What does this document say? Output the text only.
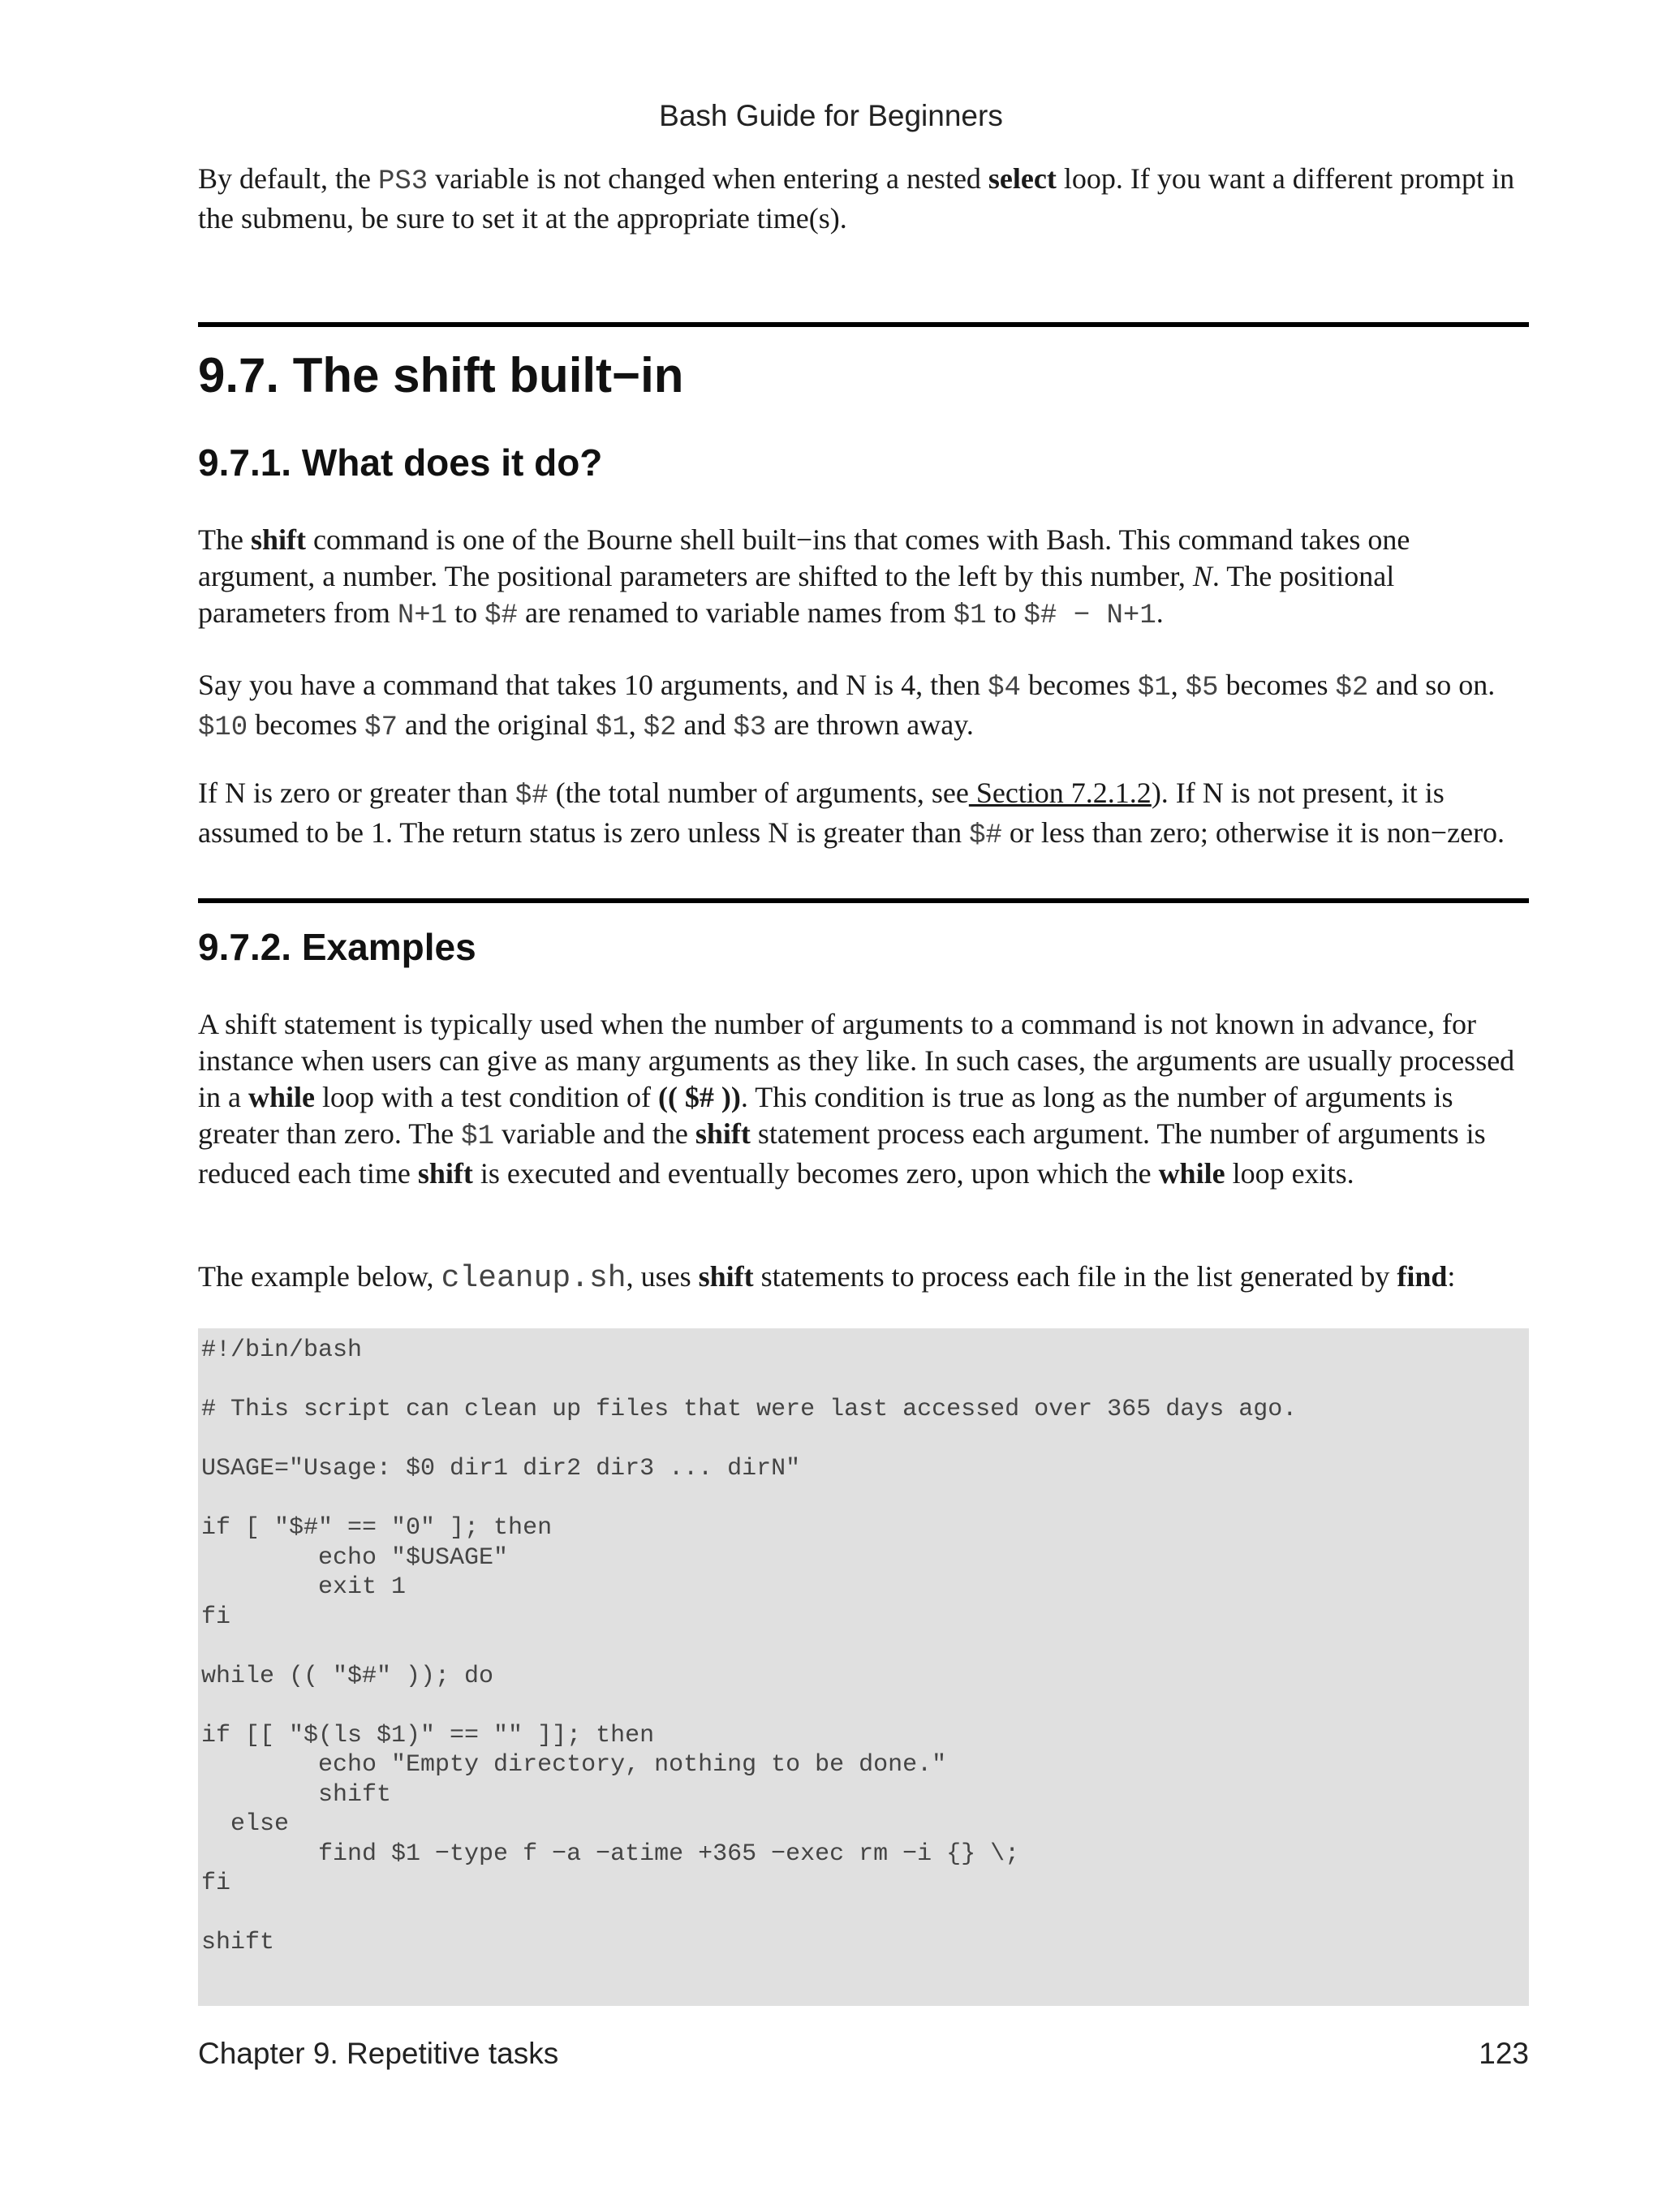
Bash Guide for Beginners

By default, the PS3 variable is not changed when entering a nested select loop. If you want a different prompt in the submenu, be sure to set it at the appropriate time(s).

9.7. The shift built−in
9.7.1. What does it do?

The shift command is one of the Bourne shell built−ins that comes with Bash. This command takes one argument, a number. The positional parameters are shifted to the left by this number, N. The positional parameters from N+1 to $# are renamed to variable names from $1 to $# − N+1.

Say you have a command that takes 10 arguments, and N is 4, then $4 becomes $1, $5 becomes $2 and so on. $10 becomes $7 and the original $1, $2 and $3 are thrown away.

If N is zero or greater than $# (the total number of arguments, see Section 7.2.1.2). If N is not present, it is assumed to be 1. The return status is zero unless N is greater than $# or less than zero; otherwise it is non−zero.

9.7.2. Examples

A shift statement is typically used when the number of arguments to a command is not known in advance, for instance when users can give as many arguments as they like. In such cases, the arguments are usually processed in a while loop with a test condition of (( $# )). This condition is true as long as the number of arguments is greater than zero. The $1 variable and the shift statement process each argument. The number of arguments is reduced each time shift is executed and eventually becomes zero, upon which the while loop exits.

The example below, cleanup.sh, uses shift statements to process each file in the list generated by find:

#!/bin/bash

# This script can clean up files that were last accessed over 365 days ago.

USAGE="Usage: $0 dir1 dir2 dir3 ... dirN"

if [ "$#" == "0" ]; then
echo "$USAGE"
exit 1
fi

while (( "$#" )); do

if [[ "$(ls $1)" == "" ]]; then
echo "Empty directory, nothing to be done."
shift
else
find $1 −type f −a −atime +365 −exec rm −i {} \;
fi

shift
Chapter 9. Repetitive tasks	123
